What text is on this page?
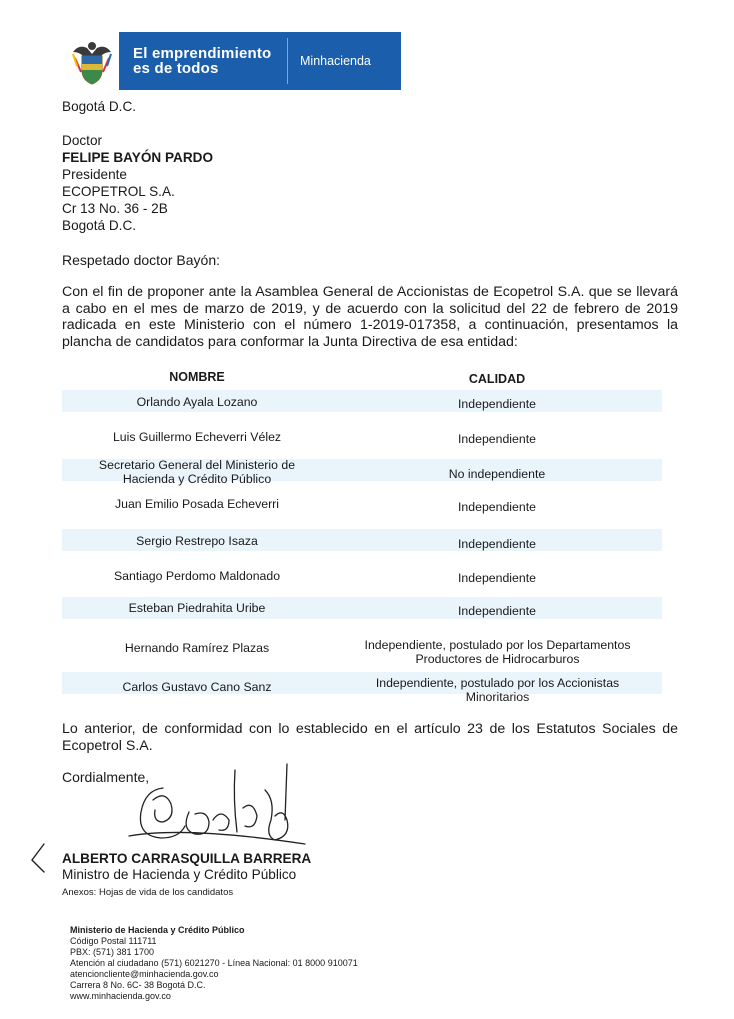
El emprendimiento
es de todos	Minhacienda
Bogotá D.C.
Doctor
FELIPE BAYÓN PARDO
Presidente
ECOPETROL S.A.
Cr 13 No. 36 - 2B
Bogotá D.C.
Respetado doctor Bayón:
Con el fin de proponer ante la Asamblea General de Accionistas de Ecopetrol S.A. que se llevará a cabo en el mes de marzo de 2019, y de acuerdo con la solicitud del 22 de febrero de 2019 radicada en este Ministerio con el número 1-2019-017358, a continuación, presentamos la plancha de candidatos para conformar la Junta Directiva de esa entidad:
NOMBRE	CALIDAD
Orlando Ayala Lozano	Independiente
Luis Guillermo Echeverri Vélez	Independiente
Secretario General del Ministerio de Hacienda y Crédito Público	No independiente
Juan Emilio Posada Echeverri	Independiente
Sergio Restrepo Isaza	Independiente
Santiago Perdomo Maldonado	Independiente
Esteban Piedrahita Uribe	Independiente
Hernando Ramírez Plazas	Independiente, postulado por los Departamentos Productores de Hidrocarburos
Carlos Gustavo Cano Sanz	Independiente, postulado por los Accionistas Minoritarios
Lo anterior, de conformidad con lo establecido en el artículo 23 de los Estatutos Sociales de Ecopetrol S.A.
Cordialmente,
ALBERTO CARRASQUILLA BARRERA
Ministro de Hacienda y Crédito Público
Anexos: Hojas de vida de los candidatos
Ministerio de Hacienda y Crédito Público
Código Postal 111711
PBX: (571) 381 1700
Atención al ciudadano (571) 6021270 - Línea Nacional: 01 8000 910071
atencioncliente@minhacienda.gov.co
Carrera 8 No. 6C- 38 Bogotá D.C.
www.minhacienda.gov.co
